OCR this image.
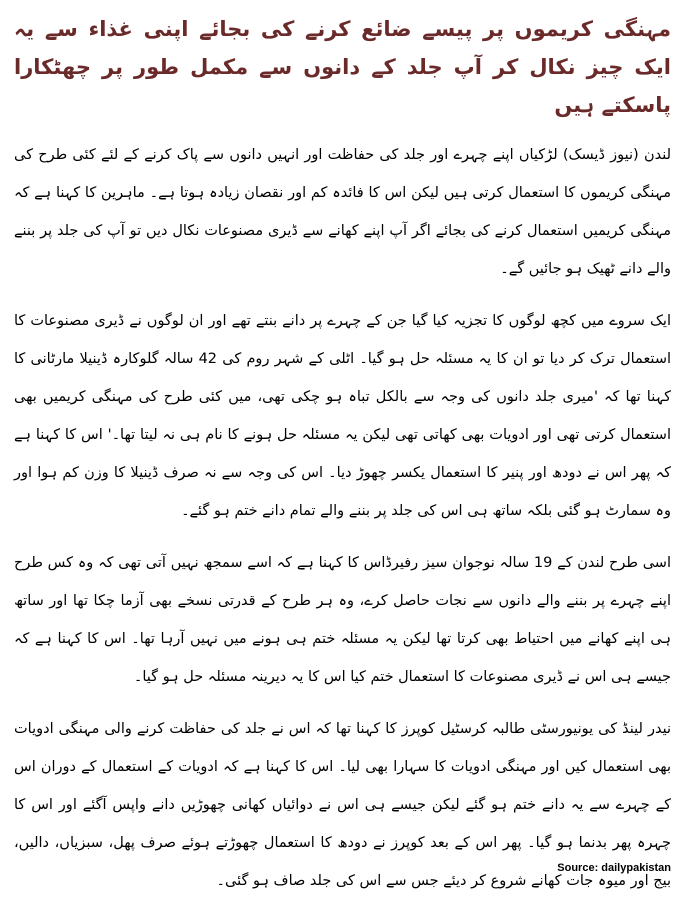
مہنگی کریموں پر پیسے ضائع کرنے کی بجائے اپنی غذاء سے یہ ایک چیز نکال کر آپ جلد کے دانوں سے مکمل طور پر چھٹکارا پاسکتے ہیں
لندن (نیوز ڈیسک) لڑکیاں اپنے چہرے اور جلد کی حفاظت اور انہیں دانوں سے پاک کرنے کے لئے کئی طرح کی مہنگی کریموں کا استعمال کرتی ہیں لیکن اس کا فائدہ کم اور نقصان زیادہ ہوتا ہے۔ ماہرین کا کہنا ہے کہ مہنگی کریمیں استعمال کرنے کی بجائے اگر آپ اپنے کھانے سے ڈیری مصنوعات نکال دیں تو آپ کی جلد پر بننے والے دانے ٹھیک ہو جائیں گے۔
ایک سروے میں کچھ لوگوں کا تجزیہ کیا گیا جن کے چہرے پر دانے بنتے تھے اور ان لوگوں نے ڈیری مصنوعات کا استعمال ترک کر دیا تو ان کا یہ مسئلہ حل ہو گیا۔ اٹلی کے شہر روم کی 42 سالہ گلوکارہ ڈینیلا مارٹانی کا کہنا تھا کہ 'میری جلد دانوں کی وجہ سے بالکل تباہ ہو چکی تھی، میں کئی طرح کی مہنگی کریمیں بھی استعمال کرتی تھی اور ادویات بھی کھاتی تھی لیکن یہ مسئلہ حل ہونے کا نام ہی نہ لیتا تھا۔' اس کا کہنا ہے کہ پھر اس نے دودھ اور پنیر کا استعمال یکسر چھوڑ دیا۔ اس کی وجہ سے نہ صرف ڈینیلا کا وزن کم ہوا اور وہ سمارٹ ہو گئی بلکہ ساتھ ہی اس کی جلد پر بننے والے تمام دانے ختم ہو گئے۔
اسی طرح لندن کے 19 سالہ نوجوان سیز رفیرڈاس کا کہنا ہے کہ اسے سمجھ نہیں آتی تھی کہ وہ کس طرح اپنے چہرے پر بننے والے دانوں سے نجات حاصل کرے، وہ ہر طرح کے قدرتی نسخے بھی آزما چکا تھا اور ساتھ ہی اپنے کھانے میں احتیاط بھی کرتا تھا لیکن یہ مسئلہ ختم ہی ہونے میں نہیں آرہا تھا۔ اس کا کہنا ہے کہ جیسے ہی اس نے ڈیری مصنوعات کا استعمال ختم کیا اس کا یہ دیرینہ مسئلہ حل ہو گیا۔
نیدر لینڈ کی یونیورسٹی طالبہ کرسٹیل کوپرز کا کہنا تھا کہ اس نے جلد کی حفاظت کرنے والی مہنگی ادویات بھی استعمال کیں اور مہنگی ادویات کا سہارا بھی لیا۔ اس کا کہنا ہے کہ ادویات کے استعمال کے دوران اس کے چہرے سے یہ دانے ختم ہو گئے لیکن جیسے ہی اس نے دوائیاں کھانی چھوڑیں دانے واپس آگئے اور اس کا چہرہ پھر بدنما ہو گیا۔ پھر اس کے بعد کوپرز نے دودھ کا استعمال چھوڑتے ہوئے صرف پھل، سبزیاں، دالیں، بیج اور میوہ جات کھانے شروع کر دیئے جس سے اس کی جلد صاف ہو گئی۔
Source: dailypakistan
